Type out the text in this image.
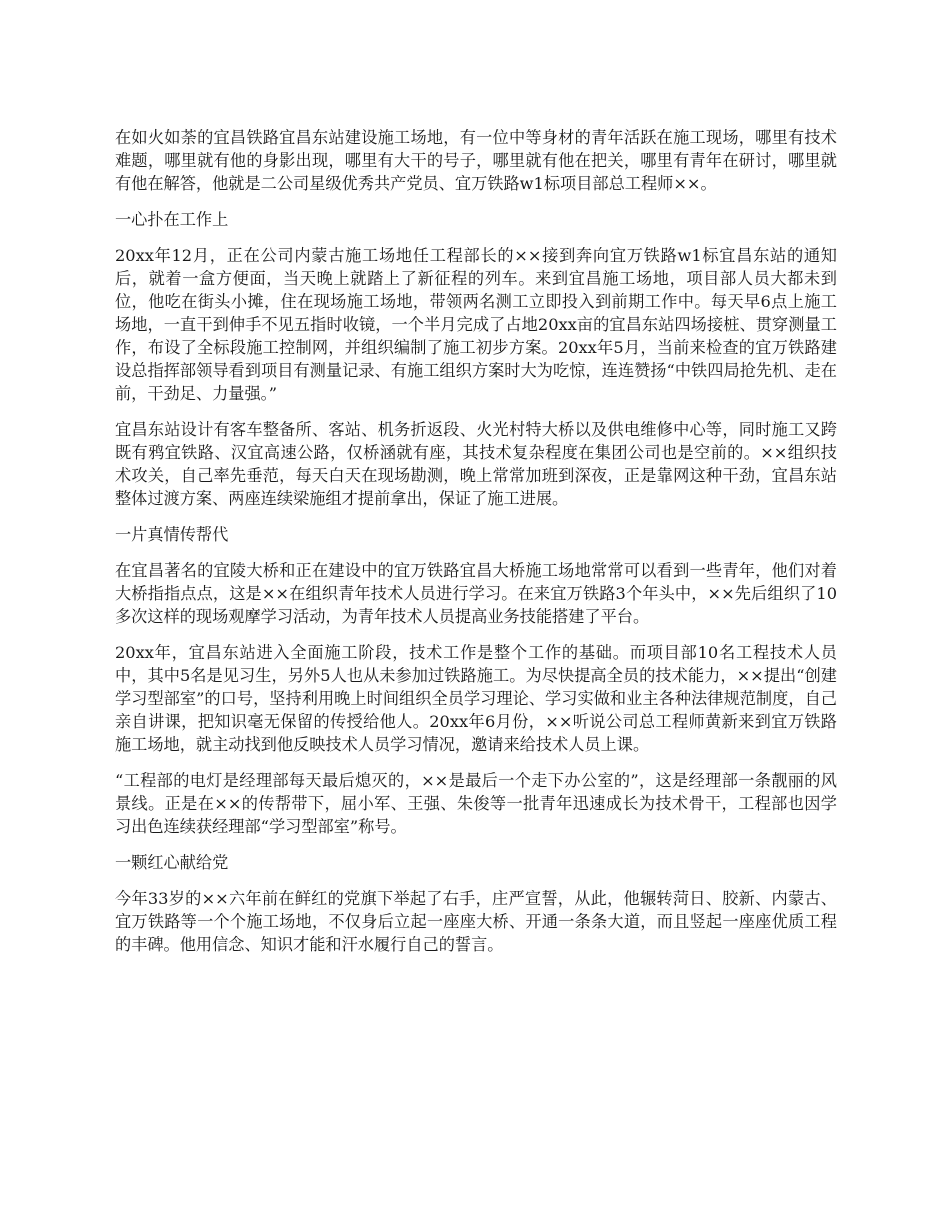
在如火如荼的宜昌铁路宜昌东站建设施工场地，有一位中等身材的青年活跃在施工现场，哪里有技术难题，哪里就有他的身影出现，哪里有大干的号子，哪里就有他在把关，哪里有青年在研讨，哪里就有他在解答，他就是二公司星级优秀共产党员、宜万铁路w1标项目部总工程师××。

一心扑在工作上

20xx年12月，正在公司内蒙古施工场地任工程部长的××接到奔向宜万铁路w1标宜昌东站的通知后，就着一盒方便面，当天晚上就踏上了新征程的列车。来到宜昌施工场地，项目部人员大都未到位，他吃在街头小摊，住在现场施工场地，带领两名测工立即投入到前期工作中。每天早6点上施工场地，一直干到伸手不见五指时收镜，一个半月完成了占地20xx亩的宜昌东站四场接桩、贯穿测量工作，布设了全标段施工控制网，并组织编制了施工初步方案。20xx年5月，当前来检查的宜万铁路建设总指挥部领导看到项目有测量记录、有施工组织方案时大为吃惊，连连赞扬“中铁四局抢先机、走在前，干劲足、力量强。”

宜昌东站设计有客车整备所、客站、机务折返段、火光村特大桥以及供电维修中心等，同时施工又跨既有鸦宜铁路、汉宜高速公路，仅桥涵就有座，其技术复杂程度在集团公司也是空前的。××组织技术攻关，自己率先垂范，每天白天在现场勘测，晚上常常加班到深夜，正是靠网这种干劲，宜昌东站整体过渡方案、两座连续梁施组才提前拿出，保证了施工进展。

一片真情传帮代

在宜昌著名的宜陵大桥和正在建设中的宜万铁路宜昌大桥施工场地常常可以看到一些青年，他们对着大桥指指点点，这是××在组织青年技术人员进行学习。在来宜万铁路3个年头中，××先后组织了10多次这样的现场观摩学习活动，为青年技术人员提高业务技能搭建了平台。

20xx年，宜昌东站进入全面施工阶段，技术工作是整个工作的基础。而项目部10名工程技术人员中，其中5名是见习生，另外5人也从未参加过铁路施工。为尽快提高全员的技术能力，××提出“创建学习型部室”的口号，坚持利用晚上时间组织全员学习理论、学习实做和业主各种法律规范制度，自己亲自讲课，把知识毫无保留的传授给他人。20xx年6月份，××听说公司总工程师黄新来到宜万铁路施工场地，就主动找到他反映技术人员学习情况，邀请来给技术人员上课。

“工程部的电灯是经理部每天最后熄灭的，××是最后一个走下办公室的”，这是经理部一条靓丽的风景线。正是在××的传帮带下，屈小军、王强、朱俊等一批青年迅速成长为技术骨干，工程部也因学习出色连续获经理部“学习型部室”称号。

一颗红心献给党

今年33岁的××六年前在鲜红的党旗下举起了右手，庄严宣誓，从此，他辗转菏日、胶新、内蒙古、宜万铁路等一个个施工场地，不仅身后立起一座座大桥、开通一条条大道，而且竖起一座座优质工程的丰碑。他用信念、知识才能和汗水履行自己的誓言。
